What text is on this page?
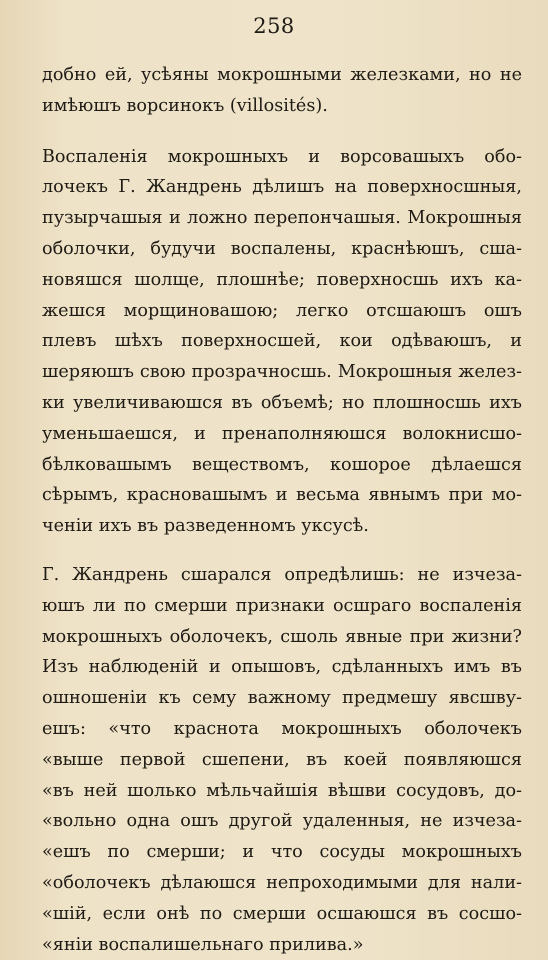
258
добно ей, усѣяны мокрошными железками, но не
имѣюшъ ворсинокъ (villosités).
Воспаленія мокрошныхъ и ворсовашыхъ обо-
лочекъ Г. Жандрень дѣлишъ на поверхносшныя,
пузырчашыя и ложно перепончашыя. Мокрошныя
оболочки, будучи воспалены, краснѣюшъ, сша-
новяшся шолще, плошнѣе; поверхносшь ихъ ка-
жешся морщиновашою; легко отсшаюшъ ошъ
плевъ шѣхъ поверхносшей, кои одѣваюшъ, и
шеряюшъ свою прозрачносшь. Мокрошныя желез-
ки увеличиваюшся въ объемѣ; но плошносшь ихъ
уменьшаешся, и пренаполняюшся волокнисшо-
бѣлковашымъ веществомъ, кошорое дѣлаешся
сѣрымъ, красновашымъ и весьма явнымъ при мо-
ченіи ихъ въ разведенномъ уксусѣ.
Г. Жандрень сшарался опредѣлишь: не изчеза-
юшъ ли по смерши признаки осшраго воспаленія
мокрошныхъ оболочекъ, сшоль явные при жизни?
Изъ наблюденій и опышовъ, сдѣланныхъ имъ въ
ошношеніи къ сему важному предмешу явсшву-
ешъ: «что краснота мокрошныхъ оболочекъ
«выше первой сшепени, въ коей появляюшся
«въ ней шолько мѣльчайшія вѣшви сосудовъ, до-
«вольно одна ошъ другой удаленныя, не изчеза-
«ешъ по смерши; и что сосуды мокрошныхъ
«оболочекъ дѣлаюшся непроходимыми для нали-
«шій, если онѣ по смерши осшаюшся въ сосшо-
«яніи воспалишельнаго прилива.»
